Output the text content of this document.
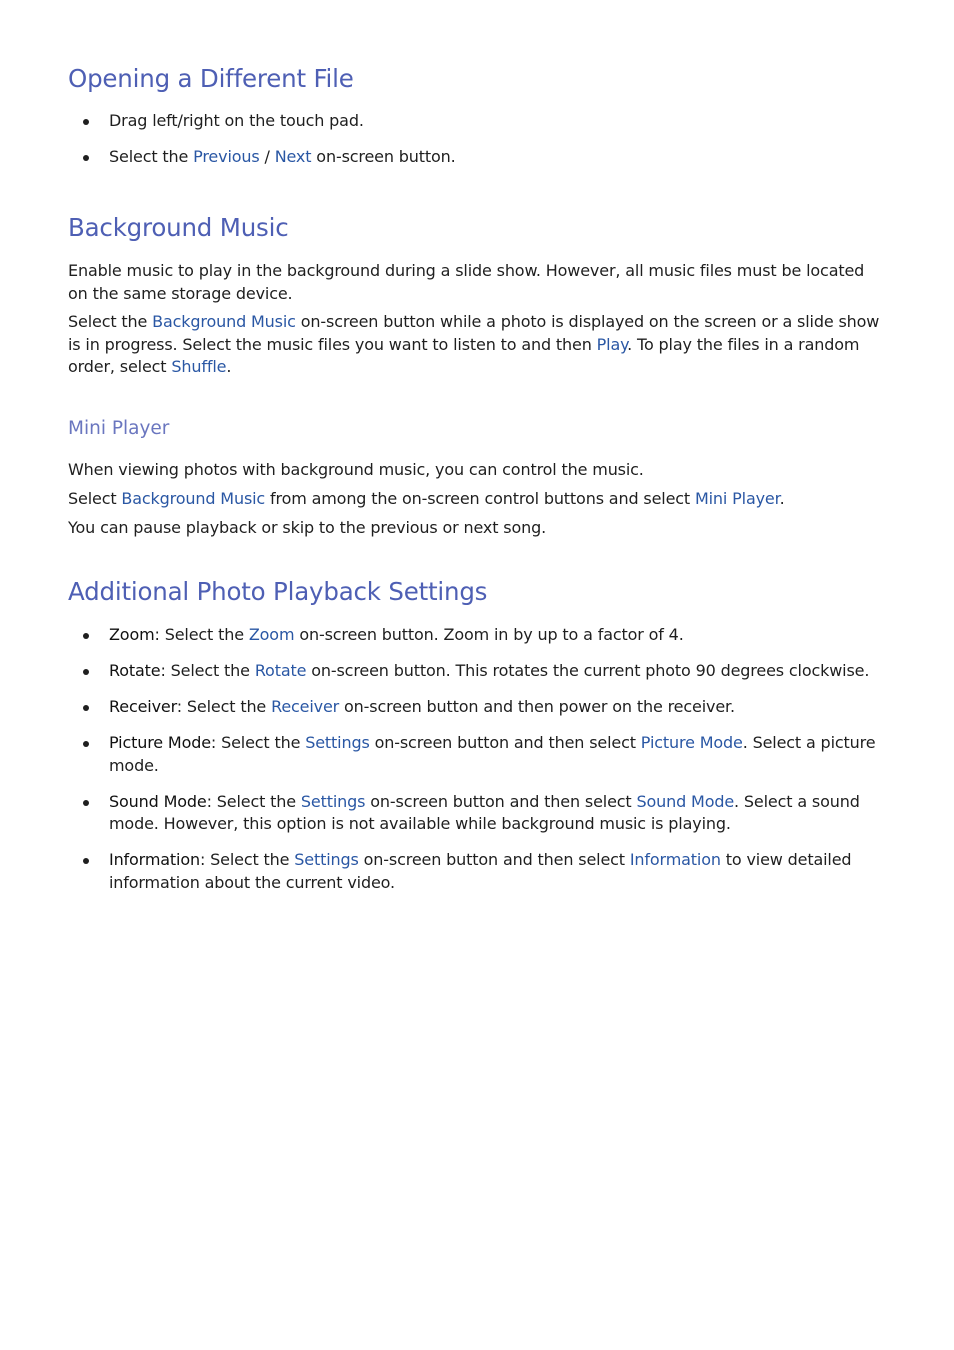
Opening a Different File
Drag left/right on the touch pad.
Select the Previous / Next on-screen button.
Background Music

Enable music to play in the background during a slide show. However, all music files must be located on the same storage device.

Select the Background Music on-screen button while a photo is displayed on the screen or a slide show is in progress. Select the music files you want to listen to and then Play. To play the files in a random order, select Shuffle.

Mini Player

When viewing photos with background music, you can control the music.

Select Background Music from among the on-screen control buttons and select Mini Player.

You can pause playback or skip to the previous or next song.

Additional Photo Playback Settings
Zoom: Select the Zoom on-screen button. Zoom in by up to a factor of 4.
Rotate: Select the Rotate on-screen button. This rotates the current photo 90 degrees clockwise.
Receiver: Select the Receiver on-screen button and then power on the receiver.
Picture Mode: Select the Settings on-screen button and then select Picture Mode. Select a picture mode.
Sound Mode: Select the Settings on-screen button and then select Sound Mode. Select a sound mode. However, this option is not available while background music is playing.
Information: Select the Settings on-screen button and then select Information to view detailed information about the current video.
